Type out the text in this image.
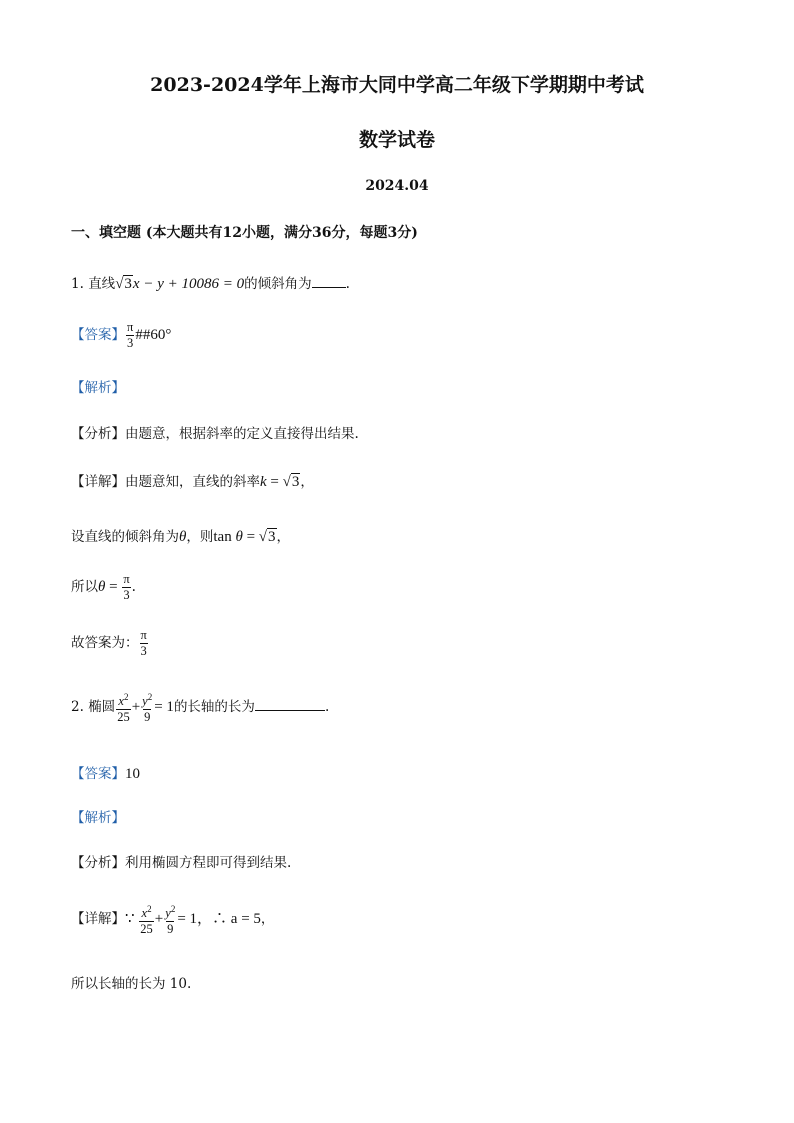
2023-2024学年上海市大同中学高二年级下学期期中考试
数学试卷
2024.04
一、填空题 (本大题共有12小题，满分36分，每题3分)
1. 直线√3x − y + 10086 = 0的倾斜角为	.
【答案】 $\frac{\pi}{3}$ ##60°
【解析】
【分析】由题意，根据斜率的定义直接得出结果.
【详解】由题意知，直线的斜率k = √3，
设直线的倾斜角为θ，则tan θ = √3，
所以$\theta = \frac{\pi}{3}$ .
故答案为： $\frac{\pi}{3}$
2. 椭圆 $\frac{x^2}{25} + \frac{y^2}{9} = 1$的长轴的长为	.
【答案】10
【解析】
【分析】利用椭圆方程即可得到结果.
【详解】∵ $\frac{x^2}{25} + \frac{y^2}{9} = 1$，∴ a = 5，
所以长轴的长为 10.
